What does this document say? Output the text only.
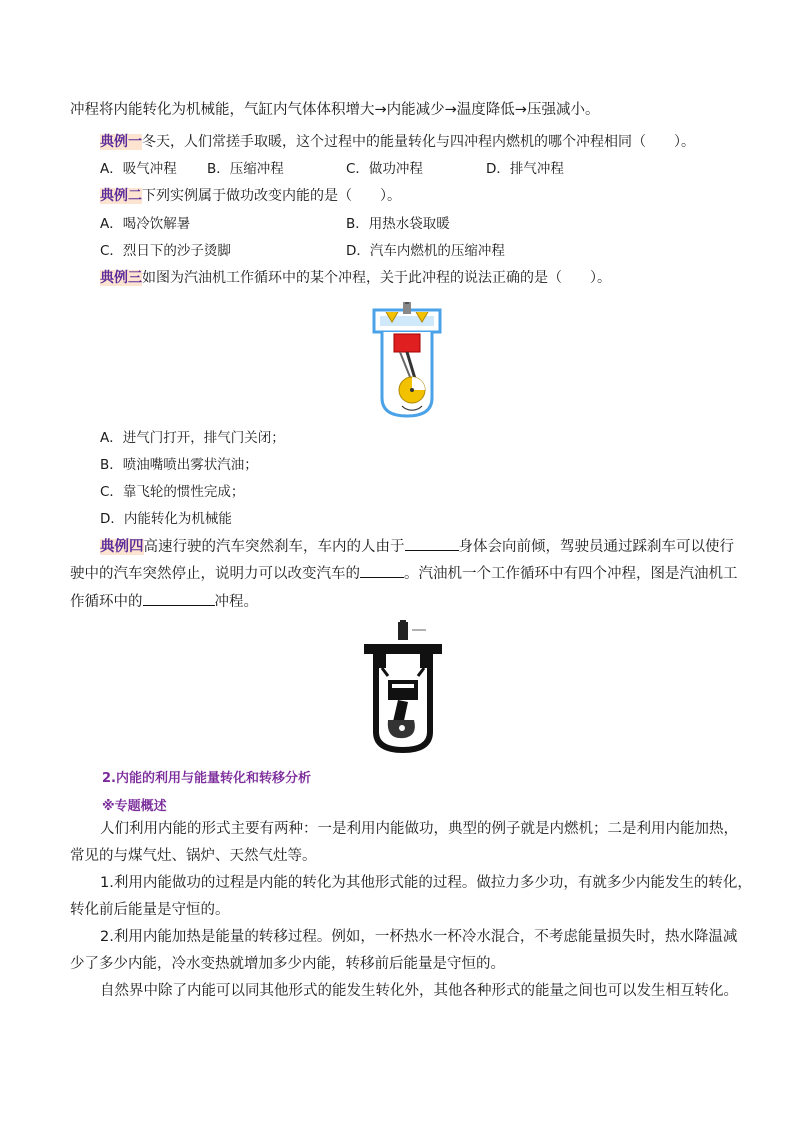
冲程将内能转化为机械能，气缸内气体体积增大→内能减少→温度降低→压强减小。
典例一冬天，人们常搓手取暖，这个过程中的能量转化与四冲程内燃机的哪个冲程相同（　　）。
A．吸气冲程 B．压缩冲程	C．做功冲程	D．排气冲程
典例二下列实例属于做功改变内能的是（　　）。
A．喝冷饮解暑	B．用热水袋取暖
C．烈日下的沙子烫脚	D．汽车内燃机的压缩冲程
典例三如图为汽油机工作循环中的某个冲程，关于此冲程的说法正确的是（　　）。
A．进气门打开，排气门关闭；
B．喷油嘴喷出雾状汽油；
C．靠飞轮的惯性完成；
D．内能转化为机械能
典例四高速行驶的汽车突然刹车，车内的人由于	身体会向前倾，驾驶员通过踩刹车可以使行
驶中的汽车突然停止，说明力可以改变汽车的	。汽油机一个工作循环中有四个冲程，图是汽油机工
作循环中的	冲程。
2.内能的利用与能量转化和转移分析
※专题概述
人们利用内能的形式主要有两种：一是利用内能做功，典型的例子就是内燃机；二是利用内能加热，
常见的与煤气灶、锅炉、天然气灶等。
1.利用内能做功的过程是内能的转化为其他形式能的过程。做拉力多少功，有就多少内能发生的转化，
转化前后能量是守恒的。
2.利用内能加热是能量的转移过程。例如，一杯热水一杯冷水混合，不考虑能量损失时，热水降温减
少了多少内能，冷水变热就增加多少内能，转移前后能量是守恒的。
自然界中除了内能可以同其他形式的能发生转化外，其他各种形式的能量之间也可以发生相互转化。
